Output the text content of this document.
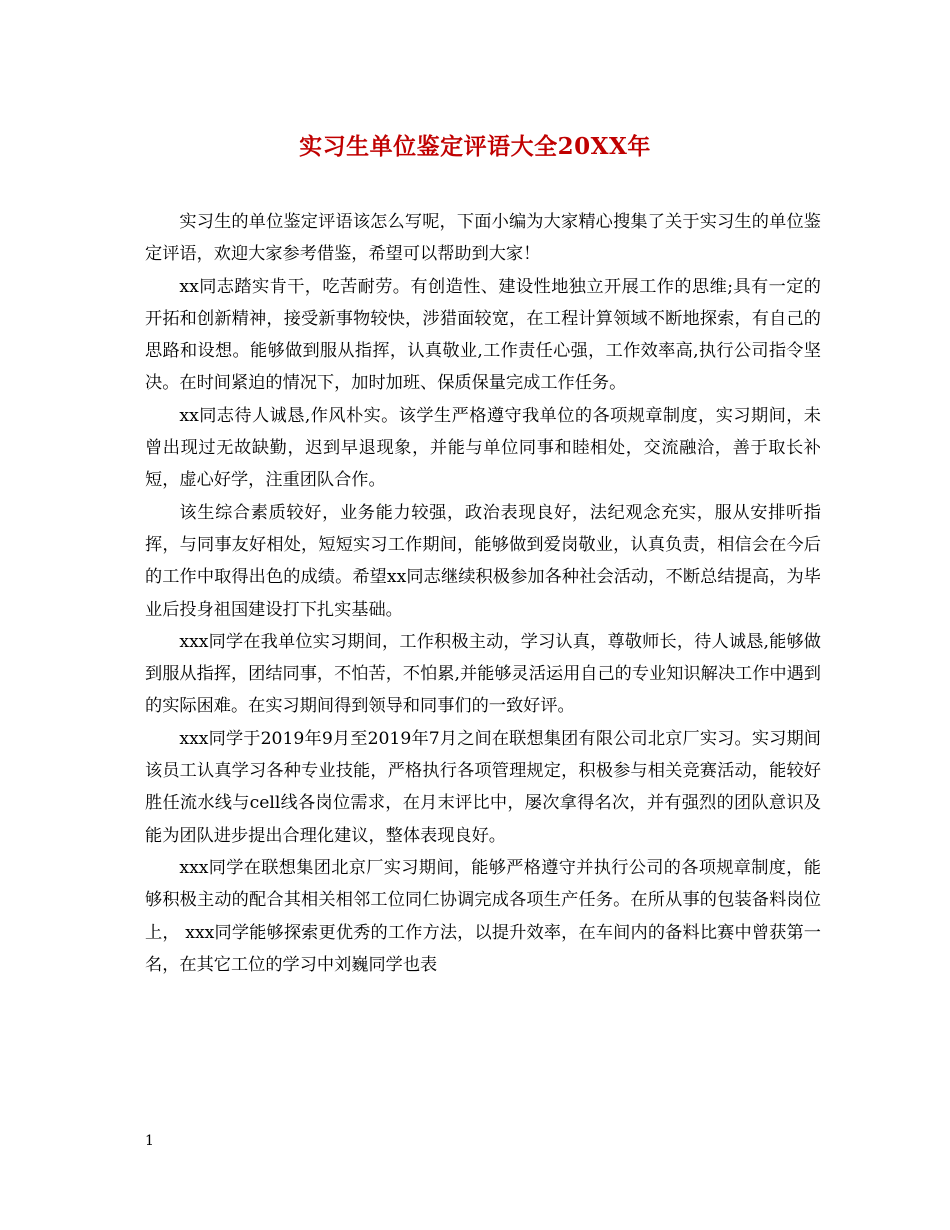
实习生单位鉴定评语大全20XX年

实习生的单位鉴定评语该怎么写呢，下面小编为大家精心搜集了关于实习生的单位鉴定评语，欢迎大家参考借鉴，希望可以帮助到大家！

xx同志踏实肯干，吃苦耐劳。有创造性、建设性地独立开展工作的思维;具有一定的开拓和创新精神，接受新事物较快，涉猎面较宽，在工程计算领域不断地探索，有自己的思路和设想。能够做到服从指挥，认真敬业,工作责任心强，工作效率高,执行公司指令坚决。在时间紧迫的情况下，加时加班、保质保量完成工作任务。

xx同志待人诚恳,作风朴实。该学生严格遵守我单位的各项规章制度，实习期间，未曾出现过无故缺勤，迟到早退现象，并能与单位同事和睦相处，交流融洽，善于取长补短，虚心好学，注重团队合作。

该生综合素质较好，业务能力较强，政治表现良好，法纪观念充实，服从安排听指挥，与同事友好相处，短短实习工作期间，能够做到爱岗敬业，认真负责，相信会在今后的工作中取得出色的成绩。希望xx同志继续积极参加各种社会活动，不断总结提高，为毕业后投身祖国建设打下扎实基础。

xxx同学在我单位实习期间，工作积极主动，学习认真，尊敬师长，待人诚恳,能够做到服从指挥，团结同事，不怕苦，不怕累,并能够灵活运用自己的专业知识解决工作中遇到的实际困难。在实习期间得到领导和同事们的一致好评。

xxx同学于2019年9月至2019年7月之间在联想集团有限公司北京厂实习。实习期间该员工认真学习各种专业技能，严格执行各项管理规定，积极参与相关竞赛活动，能较好胜任流水线与cell线各岗位需求，在月末评比中，屡次拿得名次，并有强烈的团队意识及能为团队进步提出合理化建议，整体表现良好。

xxx同学在联想集团北京厂实习期间，能够严格遵守并执行公司的各项规章制度，能够积极主动的配合其相关相邻工位同仁协调完成各项生产任务。在所从事的包装备料岗位上， xxx同学能够探索更优秀的工作方法，以提升效率，在车间内的备料比赛中曾获第一名，在其它工位的学习中刘巍同学也表

1
